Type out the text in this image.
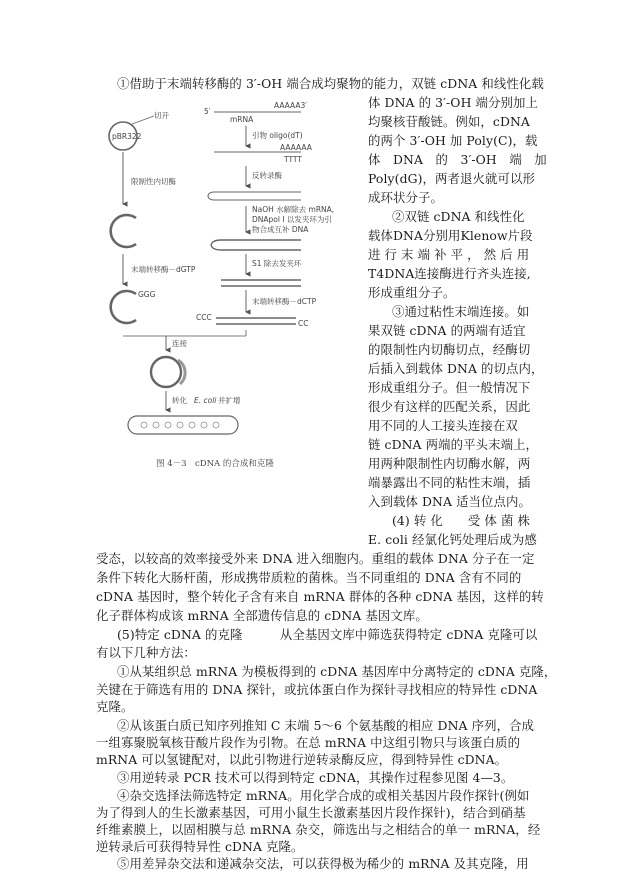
pBR322
切开
限制性内切酶
末端转移酶－dGTP
GGG
5′
AAAAA3′
mRNA
引物 oligo(dT)
AAAAAA
TTTT
反转录酶
NaOH 水解除去 mRNA,
DNApol I 以发夹环为引
物合成互补 DNA
S1 除去发夹环
末端转移酶－dCTP
CCC
CC
连接
转化 E. coli 并扩增
图 4－3　cDNA 的合成和克隆
①借助于末端转移酶的 3′-OH 端合成均聚物的能力，双链 cDNA 和线性化载
体 DNA 的 3′-OH 端分别加上
均聚核苷酸链。例如，cDNA
的两个 3′-OH 加 Poly(C)，载
体　DNA　的　3′-OH　端　加
Poly(dG)，两者退火就可以形
成环状分子。
②双链 cDNA 和线性化
载体DNA分别用Klenow片段
进 行 末 端 补 平 ， 然 后 用
T4DNA连接酶进行齐头连接,
形成重组分子。
③通过粘性末端连接。如
果双链 cDNA 的两端有适宜
的限制性内切酶切点，经酶切
后插入到载体 DNA 的切点内，
形成重组分子。但一般情况下
很少有这样的匹配关系，因此
用不同的人工接头连接在双
链 cDNA 两端的平头末端上，
用两种限制性内切酶水解，两
端暴露出不同的粘性末端，插
入到载体 DNA 适当位点内。
(4) 转 化　　受 体 菌 株
E. coli 经氯化钙处理后成为感
受态，以较高的效率接受外来 DNA 进入细胞内。重组的载体 DNA 分子在一定
条件下转化大肠杆菌，形成携带质粒的菌株。当不同重组的 DNA 含有不同的
cDNA 基因时，整个转化子含有来自 mRNA 群体的各种 cDNA 基因，这样的转
化子群体构成该 mRNA 全部遗传信息的 cDNA 基因文库。
(5)特定 cDNA 的克隆　　　从全基因文库中筛选获得特定 cDNA 克隆可以
有以下几种方法：
①从某组织总 mRNA 为模板得到的 cDNA 基因库中分离特定的 cDNA 克隆，
关键在于筛选有用的 DNA 探针，或抗体蛋白作为探针寻找相应的特异性 cDNA
克隆。
②从该蛋白质已知序列推知 C 末端 5～6 个氨基酸的相应 DNA 序列，合成
一组寡聚脱氧核苷酸片段作为引物。在总 mRNA 中这组引物只与该蛋白质的
mRNA 可以氢键配对，以此引物进行逆转录酶反应，得到特异性 cDNA。
③用逆转录 PCR 技术可以得到特定 cDNA，其操作过程参见图 4—3。
④杂交选择法筛选特定 mRNA。用化学合成的或相关基因片段作探针(例如
为了得到人的生长激素基因，可用小鼠生长激素基因片段作探针)，结合到硝基
纤维素膜上，以固相膜与总 mRNA 杂交，筛选出与之相结合的单一 mRNA，经
逆转录后可获得特异性 cDNA 克隆。
⑤用差异杂交法和递减杂交法，可以获得极为稀少的 mRNA 及其克隆，用
